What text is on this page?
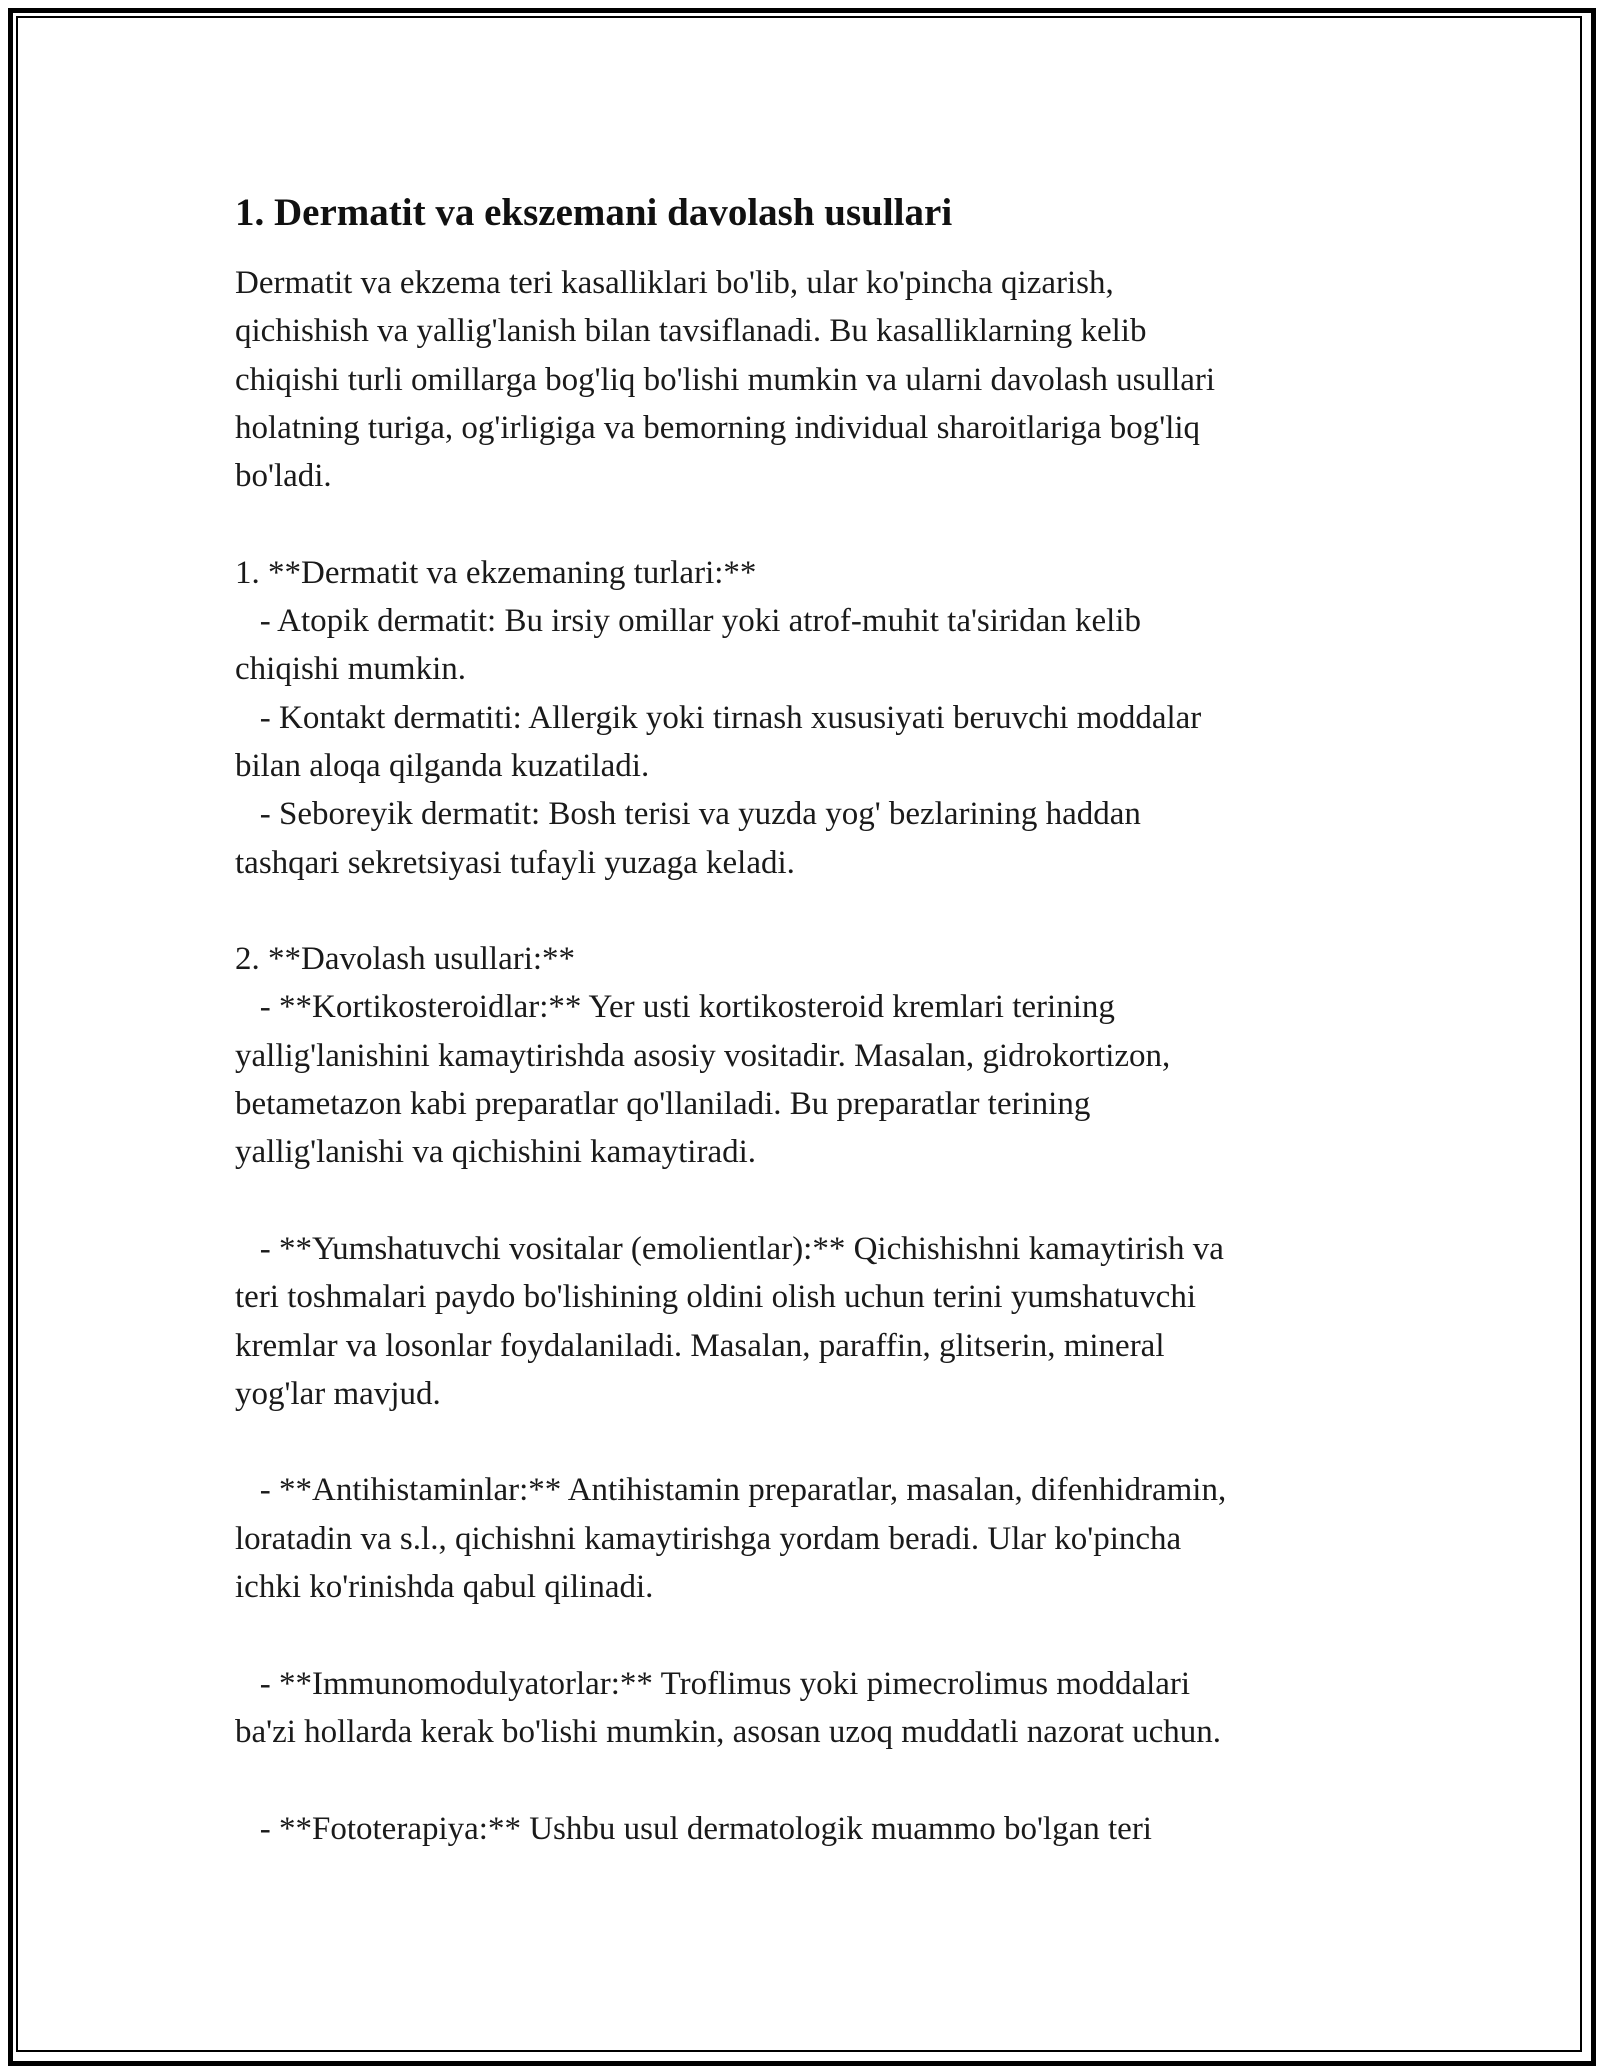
1. Dermatit va ekszemani davolash usullari
Dermatit va ekzema teri kasalliklari bo'lib, ular ko'pincha qizarish,
qichishish va yallig'lanish bilan tavsiflanadi. Bu kasalliklarning kelib
chiqishi turli omillarga bog'liq bo'lishi mumkin va ularni davolash usullari
holatning turiga, og'irligiga va bemorning individual sharoitlariga bog'liq
bo'ladi.

1. **Dermatit va ekzemaning turlari:**
- Atopik dermatit: Bu irsiy omillar yoki atrof-muhit ta'siridan kelib
chiqishi mumkin.
- Kontakt dermatiti: Allergik yoki tirnash xususiyati beruvchi moddalar
bilan aloqa qilganda kuzatiladi.
- Seboreyik dermatit: Bosh terisi va yuzda yog' bezlarining haddan
tashqari sekretsiyasi tufayli yuzaga keladi.

2. **Davolash usullari:**
- **Kortikosteroidlar:** Yer usti kortikosteroid kremlari terining
yallig'lanishini kamaytirishda asosiy vositadir. Masalan, gidrokortizon,
betametazon kabi preparatlar qo'llaniladi. Bu preparatlar terining
yallig'lanishi va qichishini kamaytiradi.

- **Yumshatuvchi vositalar (emolientlar):** Qichishishni kamaytirish va
teri toshmalari paydo bo'lishining oldini olish uchun terini yumshatuvchi
kremlar va losonlar foydalaniladi. Masalan, paraffin, glitserin, mineral
yog'lar mavjud.

- **Antihistaminlar:** Antihistamin preparatlar, masalan, difenhidramin,
loratadin va s.l., qichishni kamaytirishga yordam beradi. Ular ko'pincha
ichki ko'rinishda qabul qilinadi.

- **Immunomodulyatorlar:** Troflimus yoki pimecrolimus moddalari
ba'zi hollarda kerak bo'lishi mumkin, asosan uzoq muddatli nazorat uchun.

- **Fototerapiya:** Ushbu usul dermatologik muammo bo'lgan teri
